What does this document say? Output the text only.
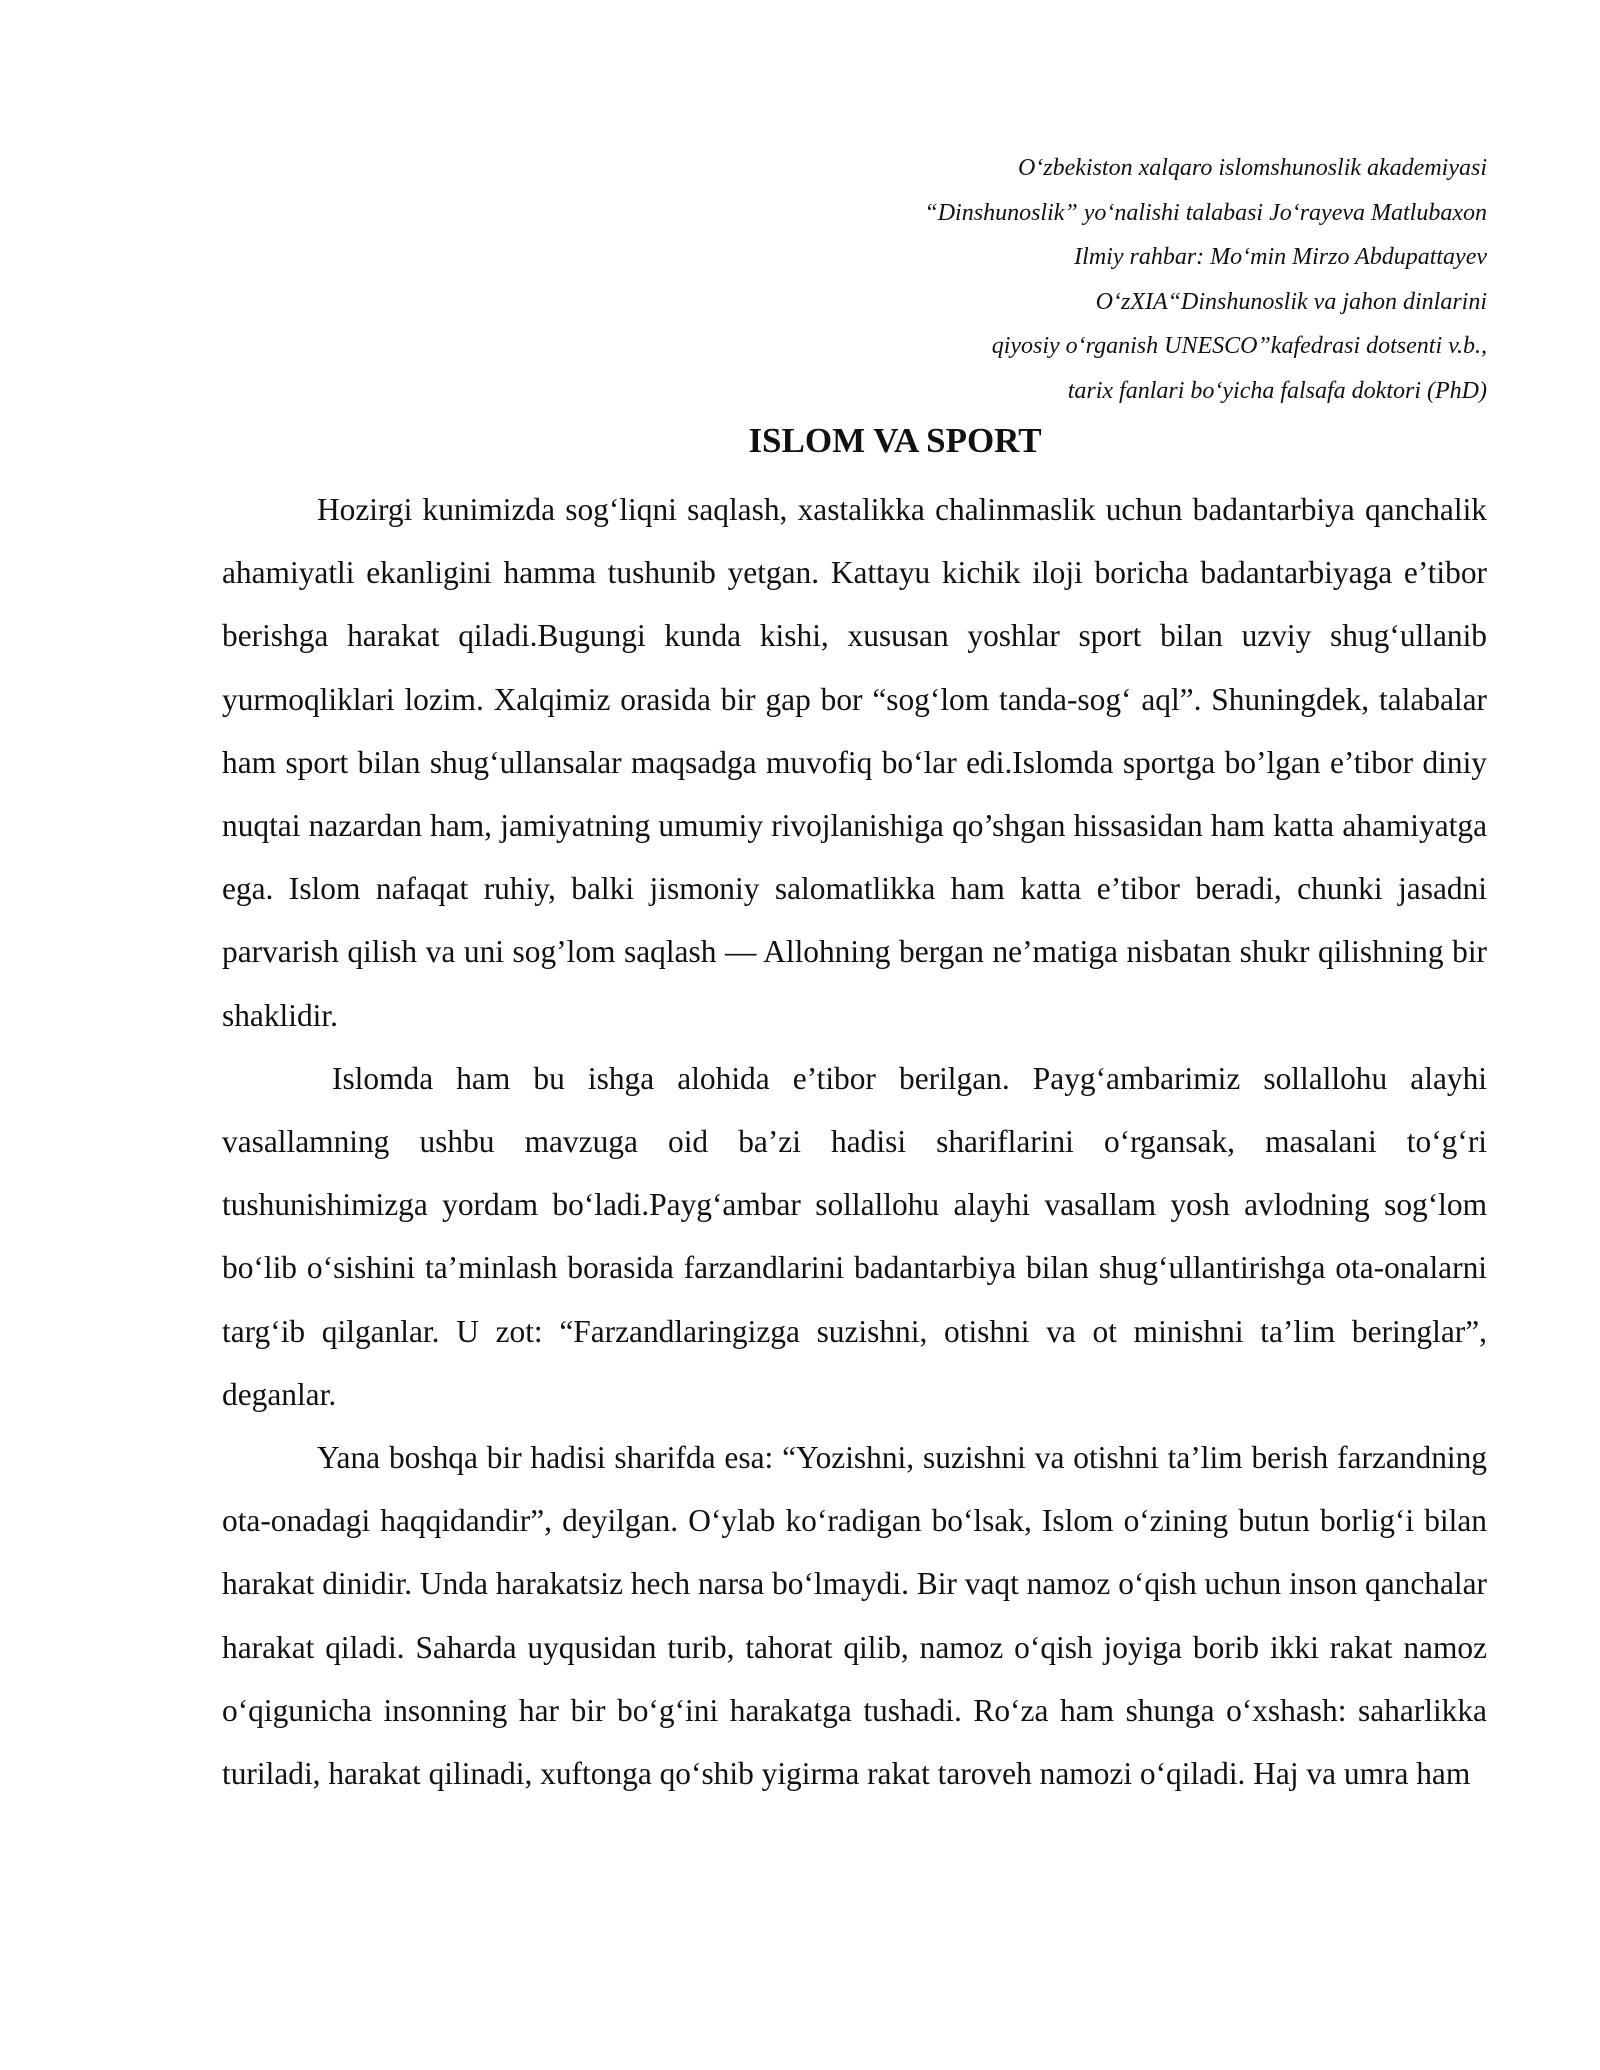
O‘zbekiston xalqaro islomshunoslik akademiyasi
“Dinshunoslik” yo‘nalishi talabasi Jo‘rayeva Matlubaxon
Ilmiy rahbar: Mo‘min Mirzo Abdupattayev
O‘zXIA“Dinshunoslik va jahon dinlarini
qiyosiy o‘rganish UNESCO”kafedrasi dotsenti v.b.,
tarix fanlari bo‘yicha falsafa doktori (PhD)
ISLOM VA SPORT

Hozirgi kunimizda sog‘liqni saqlash, xastalikka chalinmaslik uchun badantarbiya qanchalik ahamiyatli ekanligini hamma tushunib yetgan. Kattayu kichik iloji boricha badantarbiyaga e’tibor berishga harakat qiladi.Bugungi kunda kishi, xususan yoshlar sport bilan uzviy shug‘ullanib yurmoqliklari lozim. Xalqimiz orasida bir gap bor “sog‘lom tanda-sog‘ aql”. Shuningdek, talabalar ham sport bilan shug‘ullansalar maqsadga muvofiq bo‘lar edi.Islomda sportga bo’lgan e’tibor diniy nuqtai nazardan ham, jamiyatning umumiy rivojlanishiga qo’shgan hissasidan ham katta ahamiyatga ega. Islom nafaqat ruhiy, balki jismoniy salomatlikka ham katta e’tibor beradi, chunki jasadni parvarish qilish va uni sog’lom saqlash — Allohning bergan ne’matiga nisbatan shukr qilishning bir shaklidir.

Islomda ham bu ishga alohida e’tibor berilgan. Payg‘ambarimiz sollallohu alayhi vasallamning ushbu mavzuga oid ba’zi hadisi shariflarini o‘rgansak, masalani to‘g‘ri tushunishimizga yordam bo‘ladi.Payg‘ambar sollallohu alayhi vasallam yosh avlodning sog‘lom bo‘lib o‘sishini ta’minlash borasida farzandlarini badantarbiya bilan shug‘ullantirishga ota-onalarni targ‘ib qilganlar. U zot: “Farzandlaringizga suzishni, otishni va ot minishni ta’lim beringlar”, deganlar.

Yana boshqa bir hadisi sharifda esa: “Yozishni, suzishni va otishni ta’lim berish farzandning ota-onadagi haqqidandir”, deyilgan. O‘ylab ko‘radigan bo‘lsak, Islom o‘zining butun borlig‘i bilan harakat dinidir. Unda harakatsiz hech narsa bo‘lmaydi. Bir vaqt namoz o‘qish uchun inson qanchalar harakat qiladi. Saharda uyqusidan turib, tahorat qilib, namoz o‘qish joyiga borib ikki rakat namoz o‘qigunicha insonning har bir bo‘g‘ini harakatga tushadi. Ro‘za ham shunga o‘xshash: saharlikka turiladi, harakat qilinadi, xuftonga qo‘shib yigirma rakat taroveh namozi o‘qiladi. Haj va umra ham
